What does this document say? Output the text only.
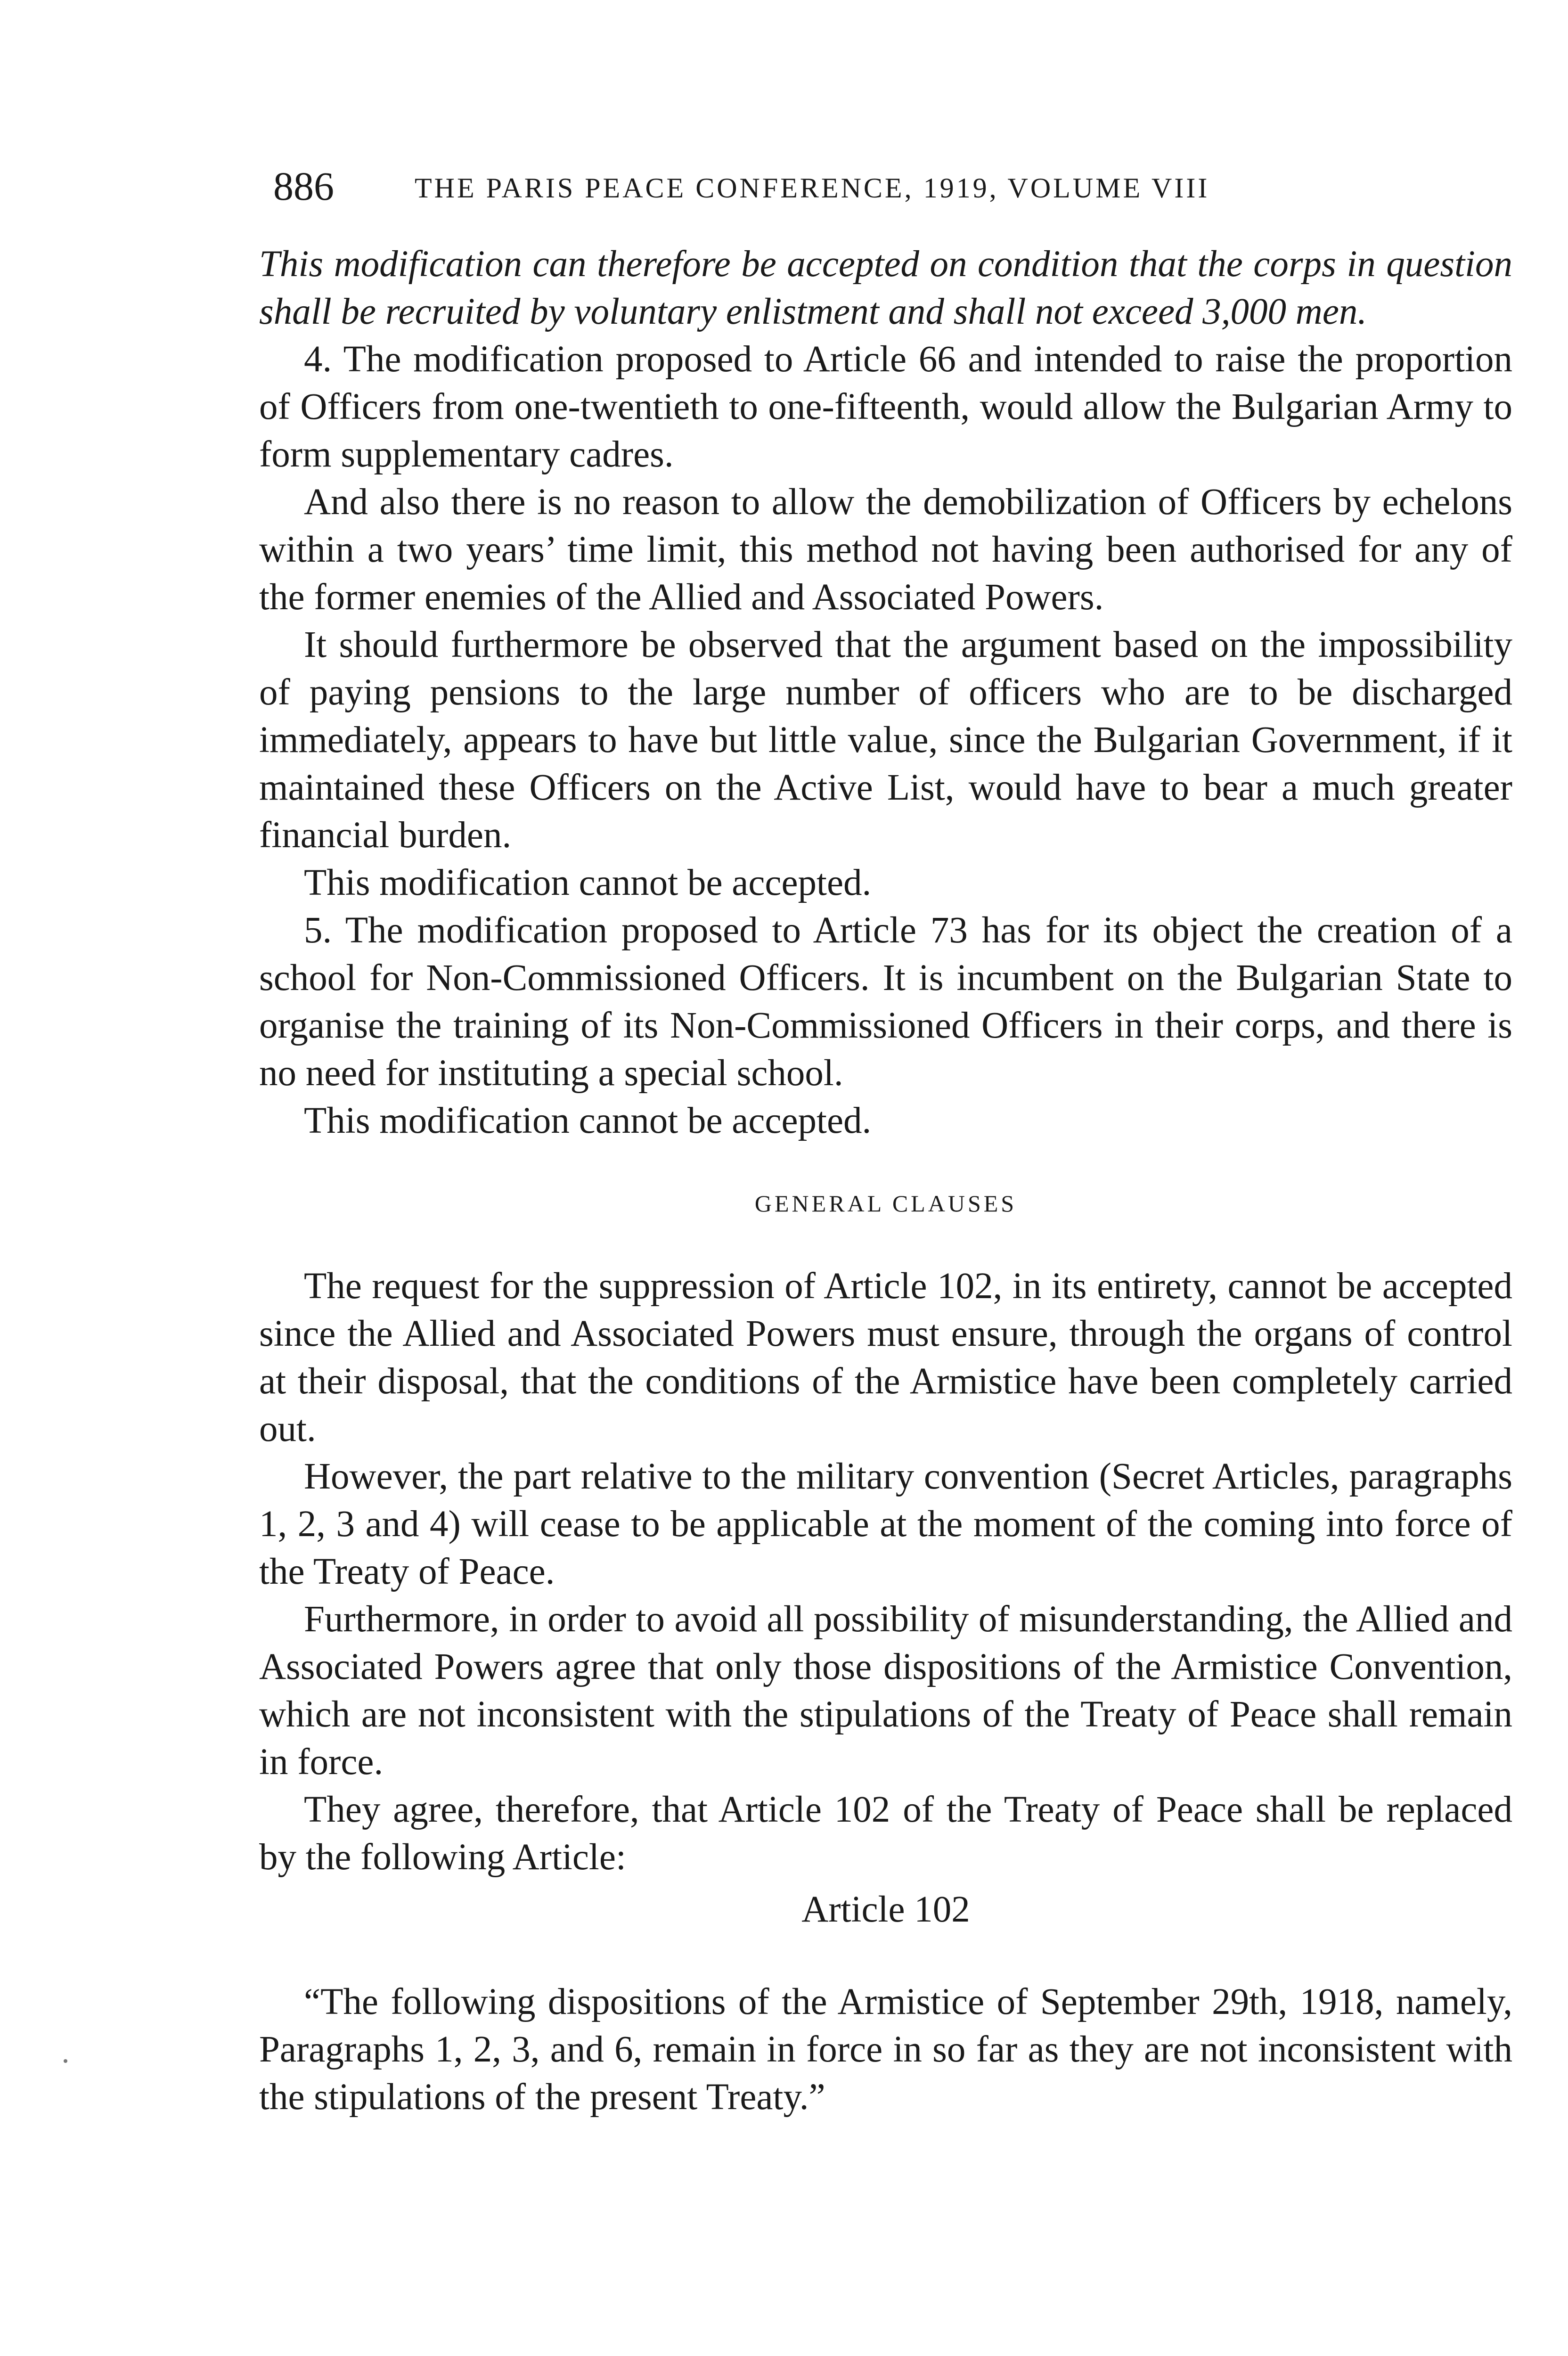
886	THE PARIS PEACE CONFERENCE, 1919, VOLUME VIII

This modification can therefore be accepted on condition that the corps in question shall be recruited by voluntary enlistment and shall not exceed 3,000 men.

4. The modification proposed to Article 66 and intended to raise the proportion of Officers from one-twentieth to one-fifteenth, would allow the Bulgarian Army to form supplementary cadres.

And also there is no reason to allow the demobilization of Officers by echelons within a two years’ time limit, this method not having been authorised for any of the former enemies of the Allied and Associated Powers.

It should furthermore be observed that the argument based on the impossibility of paying pensions to the large number of officers who are to be discharged immediately, appears to have but little value, since the Bulgarian Government, if it maintained these Officers on the Active List, would have to bear a much greater financial burden.

This modification cannot be accepted.

5. The modification proposed to Article 73 has for its object the creation of a school for Non-Commissioned Officers. It is incumbent on the Bulgarian State to organise the training of its Non-Commissioned Officers in their corps, and there is no need for instituting a special school.

This modification cannot be accepted.

GENERAL CLAUSES

The request for the suppression of Article 102, in its entirety, cannot be accepted since the Allied and Associated Powers must ensure, through the organs of control at their disposal, that the conditions of the Armistice have been completely carried out.

However, the part relative to the military convention (Secret Articles, paragraphs 1, 2, 3 and 4) will cease to be applicable at the moment of the coming into force of the Treaty of Peace.

Furthermore, in order to avoid all possibility of misunderstanding, the Allied and Associated Powers agree that only those dispositions of the Armistice Convention, which are not inconsistent with the stipulations of the Treaty of Peace shall remain in force.

They agree, therefore, that Article 102 of the Treaty of Peace shall be replaced by the following Article:

Article 102

“The following dispositions of the Armistice of September 29th, 1918, namely, Paragraphs 1, 2, 3, and 6, remain in force in so far as they are not inconsistent with the stipulations of the present Treaty.”
